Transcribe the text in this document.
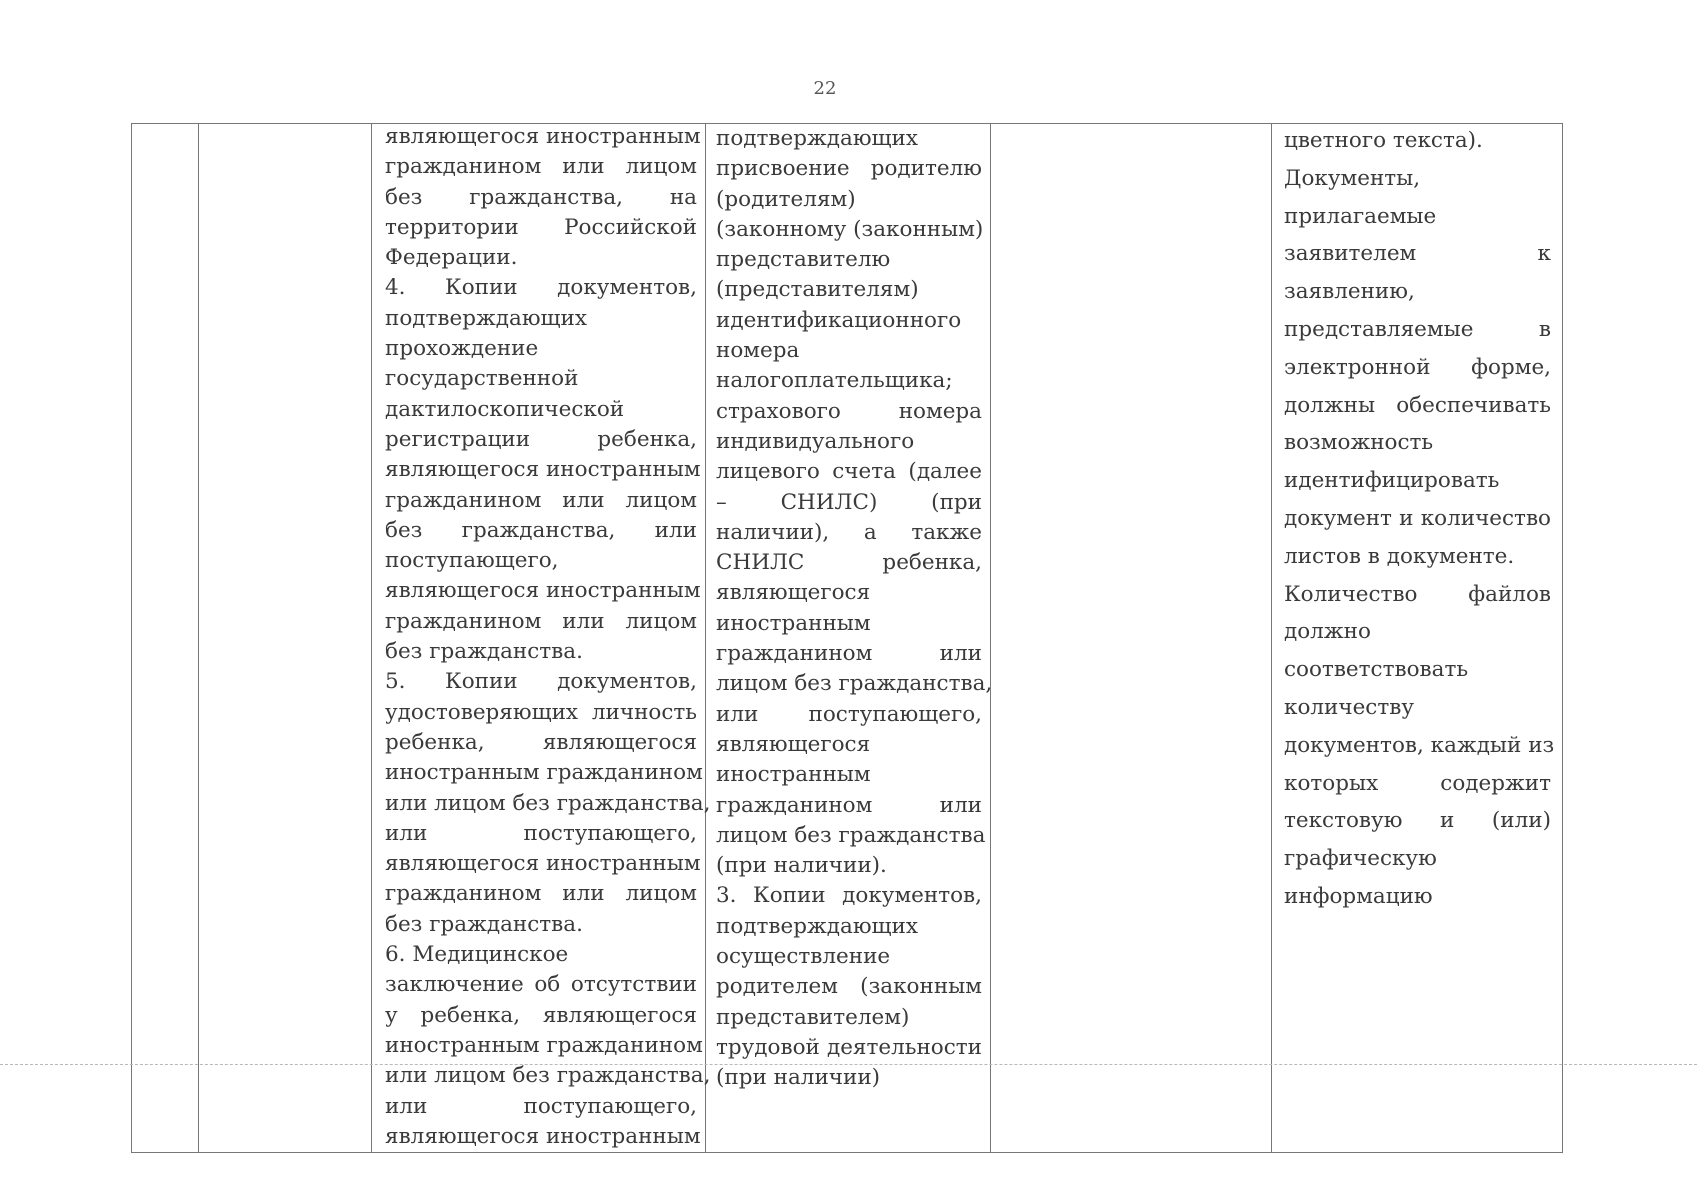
22
являющегося иностранным
гражданином или лицом
без гражданства, на
территории Российской
Федерации.
4. Копии документов,
подтверждающих
прохождение
государственной
дактилоскопической
регистрации ребенка,
являющегося иностранным
гражданином или лицом
без гражданства, или
поступающего,
являющегося иностранным
гражданином или лицом
без гражданства.
5. Копии документов,
удостоверяющих личность
ребенка, являющегося
иностранным гражданином
или лицом без гражданства,
или поступающего,
являющегося иностранным
гражданином или лицом
без гражданства.
6. Медицинское
заключение об отсутствии
у ребенка, являющегося
иностранным гражданином
или лицом без гражданства,
или поступающего,
являющегося иностранным
подтверждающих
присвоение родителю
(родителям)
(законному (законным)
представителю
(представителям)
идентификационного
номера
налогоплательщика;
страхового номера
индивидуального
лицевого счета (далее
– СНИЛС) (при
наличии), а также
СНИЛС ребенка,
являющегося
иностранным
гражданином или
лицом без гражданства,
или поступающего,
являющегося
иностранным
гражданином или
лицом без гражданства
(при наличии).
3. Копии документов,
подтверждающих
осуществление
родителем (законным
представителем)
трудовой деятельности
(при наличии)
цветного текста).
Документы,
прилагаемые
заявителем к
заявлению,
представляемые в
электронной форме,
должны обеспечивать
возможность
идентифицировать
документ и количество
листов в документе.
Количество файлов
должно
соответствовать
количеству
документов, каждый из
которых содержит
текстовую и (или)
графическую
информацию
